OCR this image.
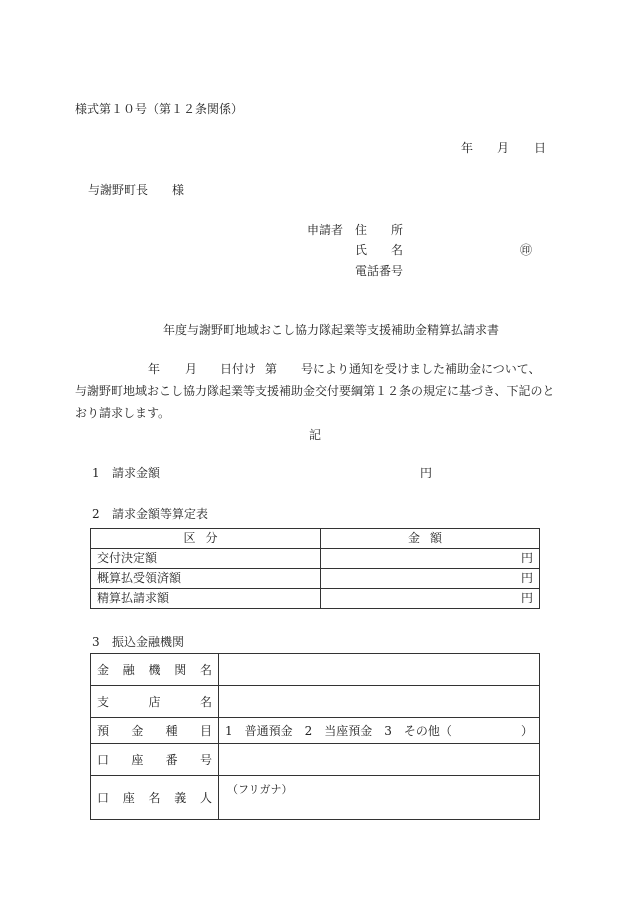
様式第１０号（第１２条関係）
年 月 日
与謝野町長 様
申請者 住 所
氏 名	㊞
電話番号
年度与謝野町地域おこし協力隊起業等支援補助金精算払請求書
年 月 日付け 第 号により通知を受けました補助金について、
与謝野町地域おこし協力隊起業等支援補助金交付要綱第１２条の規定に基づき、下記のと
おり請求します。
記
1 請求金額	円
2 請求金額等算定表
区分	金額
交付決定額	円
概算払受領済額	円
精算払請求額	円
3 振込金融機関
金 融 機 関 名	

支 店 名	

預 金 種 目	1　普通預金　2　当座預金　3　その他（ ）

口 座 番 号	

口 座 名 義 人	（フリガナ）
